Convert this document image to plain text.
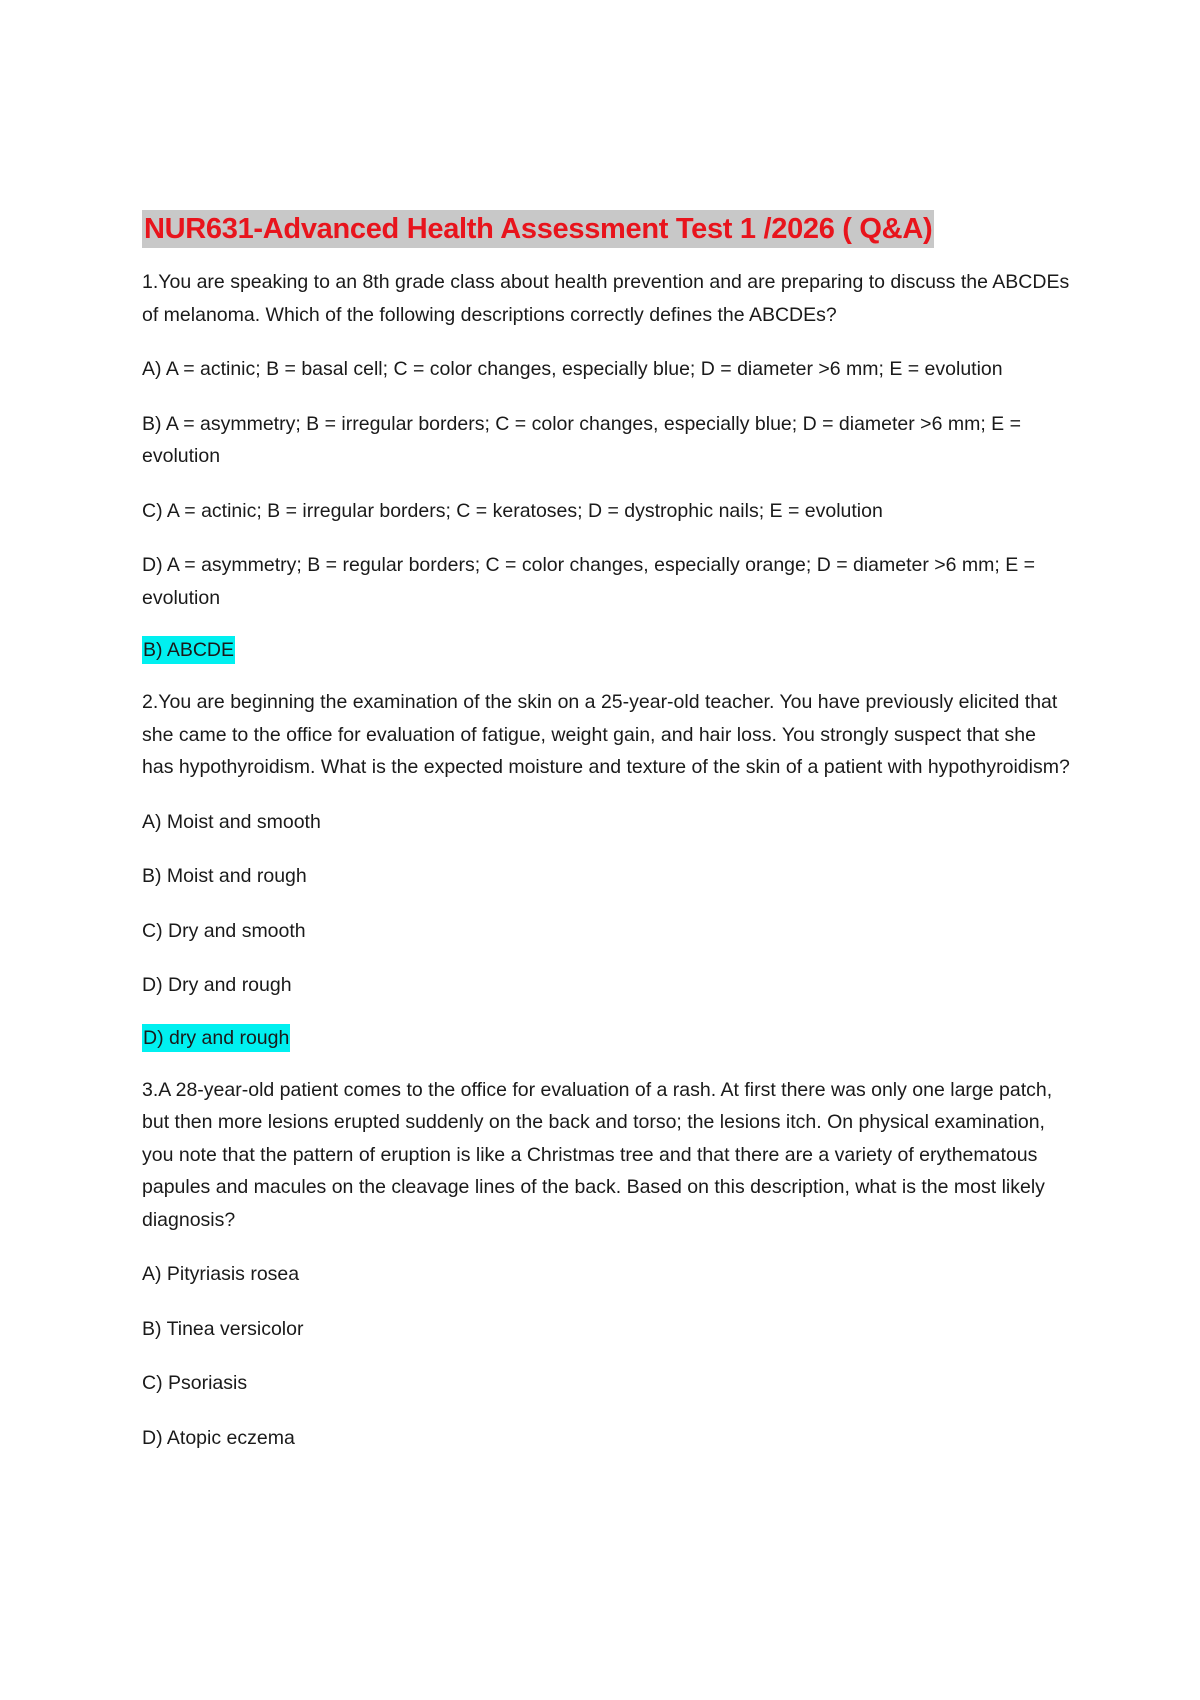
NUR631-Advanced Health Assessment Test 1 /2026 ( Q&A)

1.You are speaking to an 8th grade class about health prevention and are preparing to discuss the ABCDEs of melanoma. Which of the following descriptions correctly defines the ABCDEs?

A) A = actinic; B = basal cell; C = color changes, especially blue; D = diameter >6 mm; E = evolution

B) A = asymmetry; B = irregular borders; C = color changes, especially blue; D = diameter >6 mm; E = evolution

C) A = actinic; B = irregular borders; C = keratoses; D = dystrophic nails; E = evolution

D) A = asymmetry; B = regular borders; C = color changes, especially orange; D = diameter >6 mm; E = evolution

B) ABCDE

2.You are beginning the examination of the skin on a 25-year-old teacher. You have previously elicited that she came to the office for evaluation of fatigue, weight gain, and hair loss. You strongly suspect that she has hypothyroidism. What is the expected moisture and texture of the skin of a patient with hypothyroidism?

A) Moist and smooth

B) Moist and rough

C) Dry and smooth

D) Dry and rough

D) dry and rough

3.A 28-year-old patient comes to the office for evaluation of a rash. At first there was only one large patch, but then more lesions erupted suddenly on the back and torso; the lesions itch. On physical examination, you note that the pattern of eruption is like a Christmas tree and that there are a variety of erythematous papules and macules on the cleavage lines of the back. Based on this description, what is the most likely diagnosis?

A) Pityriasis rosea

B) Tinea versicolor

C) Psoriasis

D) Atopic eczema
